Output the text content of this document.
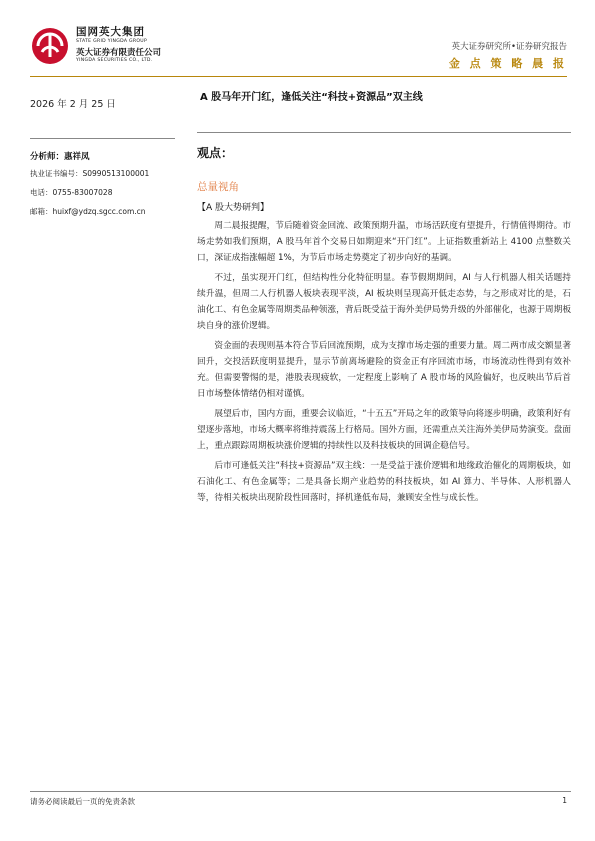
国网英大集团
STATE GRID YINGDA GROUP
英大证券有限责任公司
YINGDA SECURITIES CO., LTD.
英大证券研究所•证券研究报告
金 点 策 略 晨 报
2026 年 2 月 25 日
A 股马年开门红，逢低关注“科技+资源品”双主线
分析师：惠祥凤
执业证书编号：S0990513100001
电话：0755-83007028
邮箱：huixf@ydzq.sgcc.com.cn
观点：
总量视角
【A 股大势研判】

周二晨报提醒，节后随着资金回流、政策预期升温，市场活跃度有望提升，行情值得期待。市场走势如我们预期，A 股马年首个交易日如期迎来“开门红”。上证指数重新站上 4100 点整数关口，深证成指涨幅超 1%，为节后市场走势奠定了初步向好的基调。

不过，虽实现开门红，但结构性分化特征明显。春节假期期间，AI 与人行机器人相关话题持续升温，但周二人行机器人板块表现平淡，AI 板块则呈现高开低走态势，与之形成对比的是，石油化工、有色金属等周期类品种领涨，背后既受益于海外美伊局势升级的外部催化，也源于周期板块自身的涨价逻辑。

资金面的表现则基本符合节后回流预期，成为支撑市场走强的重要力量。周二两市成交额显著回升，交投活跃度明显提升，显示节前离场避险的资金正有序回流市场，市场流动性得到有效补充。但需要警惕的是，港股表现疲软，一定程度上影响了 A 股市场的风险偏好，也反映出节后首日市场整体情绪仍相对谨慎。

展望后市，国内方面，重要会议临近，“十五五”开局之年的政策导向将逐步明确，政策利好有望逐步落地，市场大概率将维持震荡上行格局。国外方面，还需重点关注海外美伊局势演变。盘面上，重点跟踪周期板块涨价逻辑的持续性以及科技板块的回调企稳信号。

后市可逢低关注“科技+资源品”双主线：一是受益于涨价逻辑和地缘政治催化的周期板块，如石油化工、有色金属等；二是具备长期产业趋势的科技板块，如 AI 算力、半导体、人形机器人等，待相关板块出现阶段性回落时，择机逢低布局，兼顾安全性与成长性。

请务必阅读最后一页的免责条款	1
